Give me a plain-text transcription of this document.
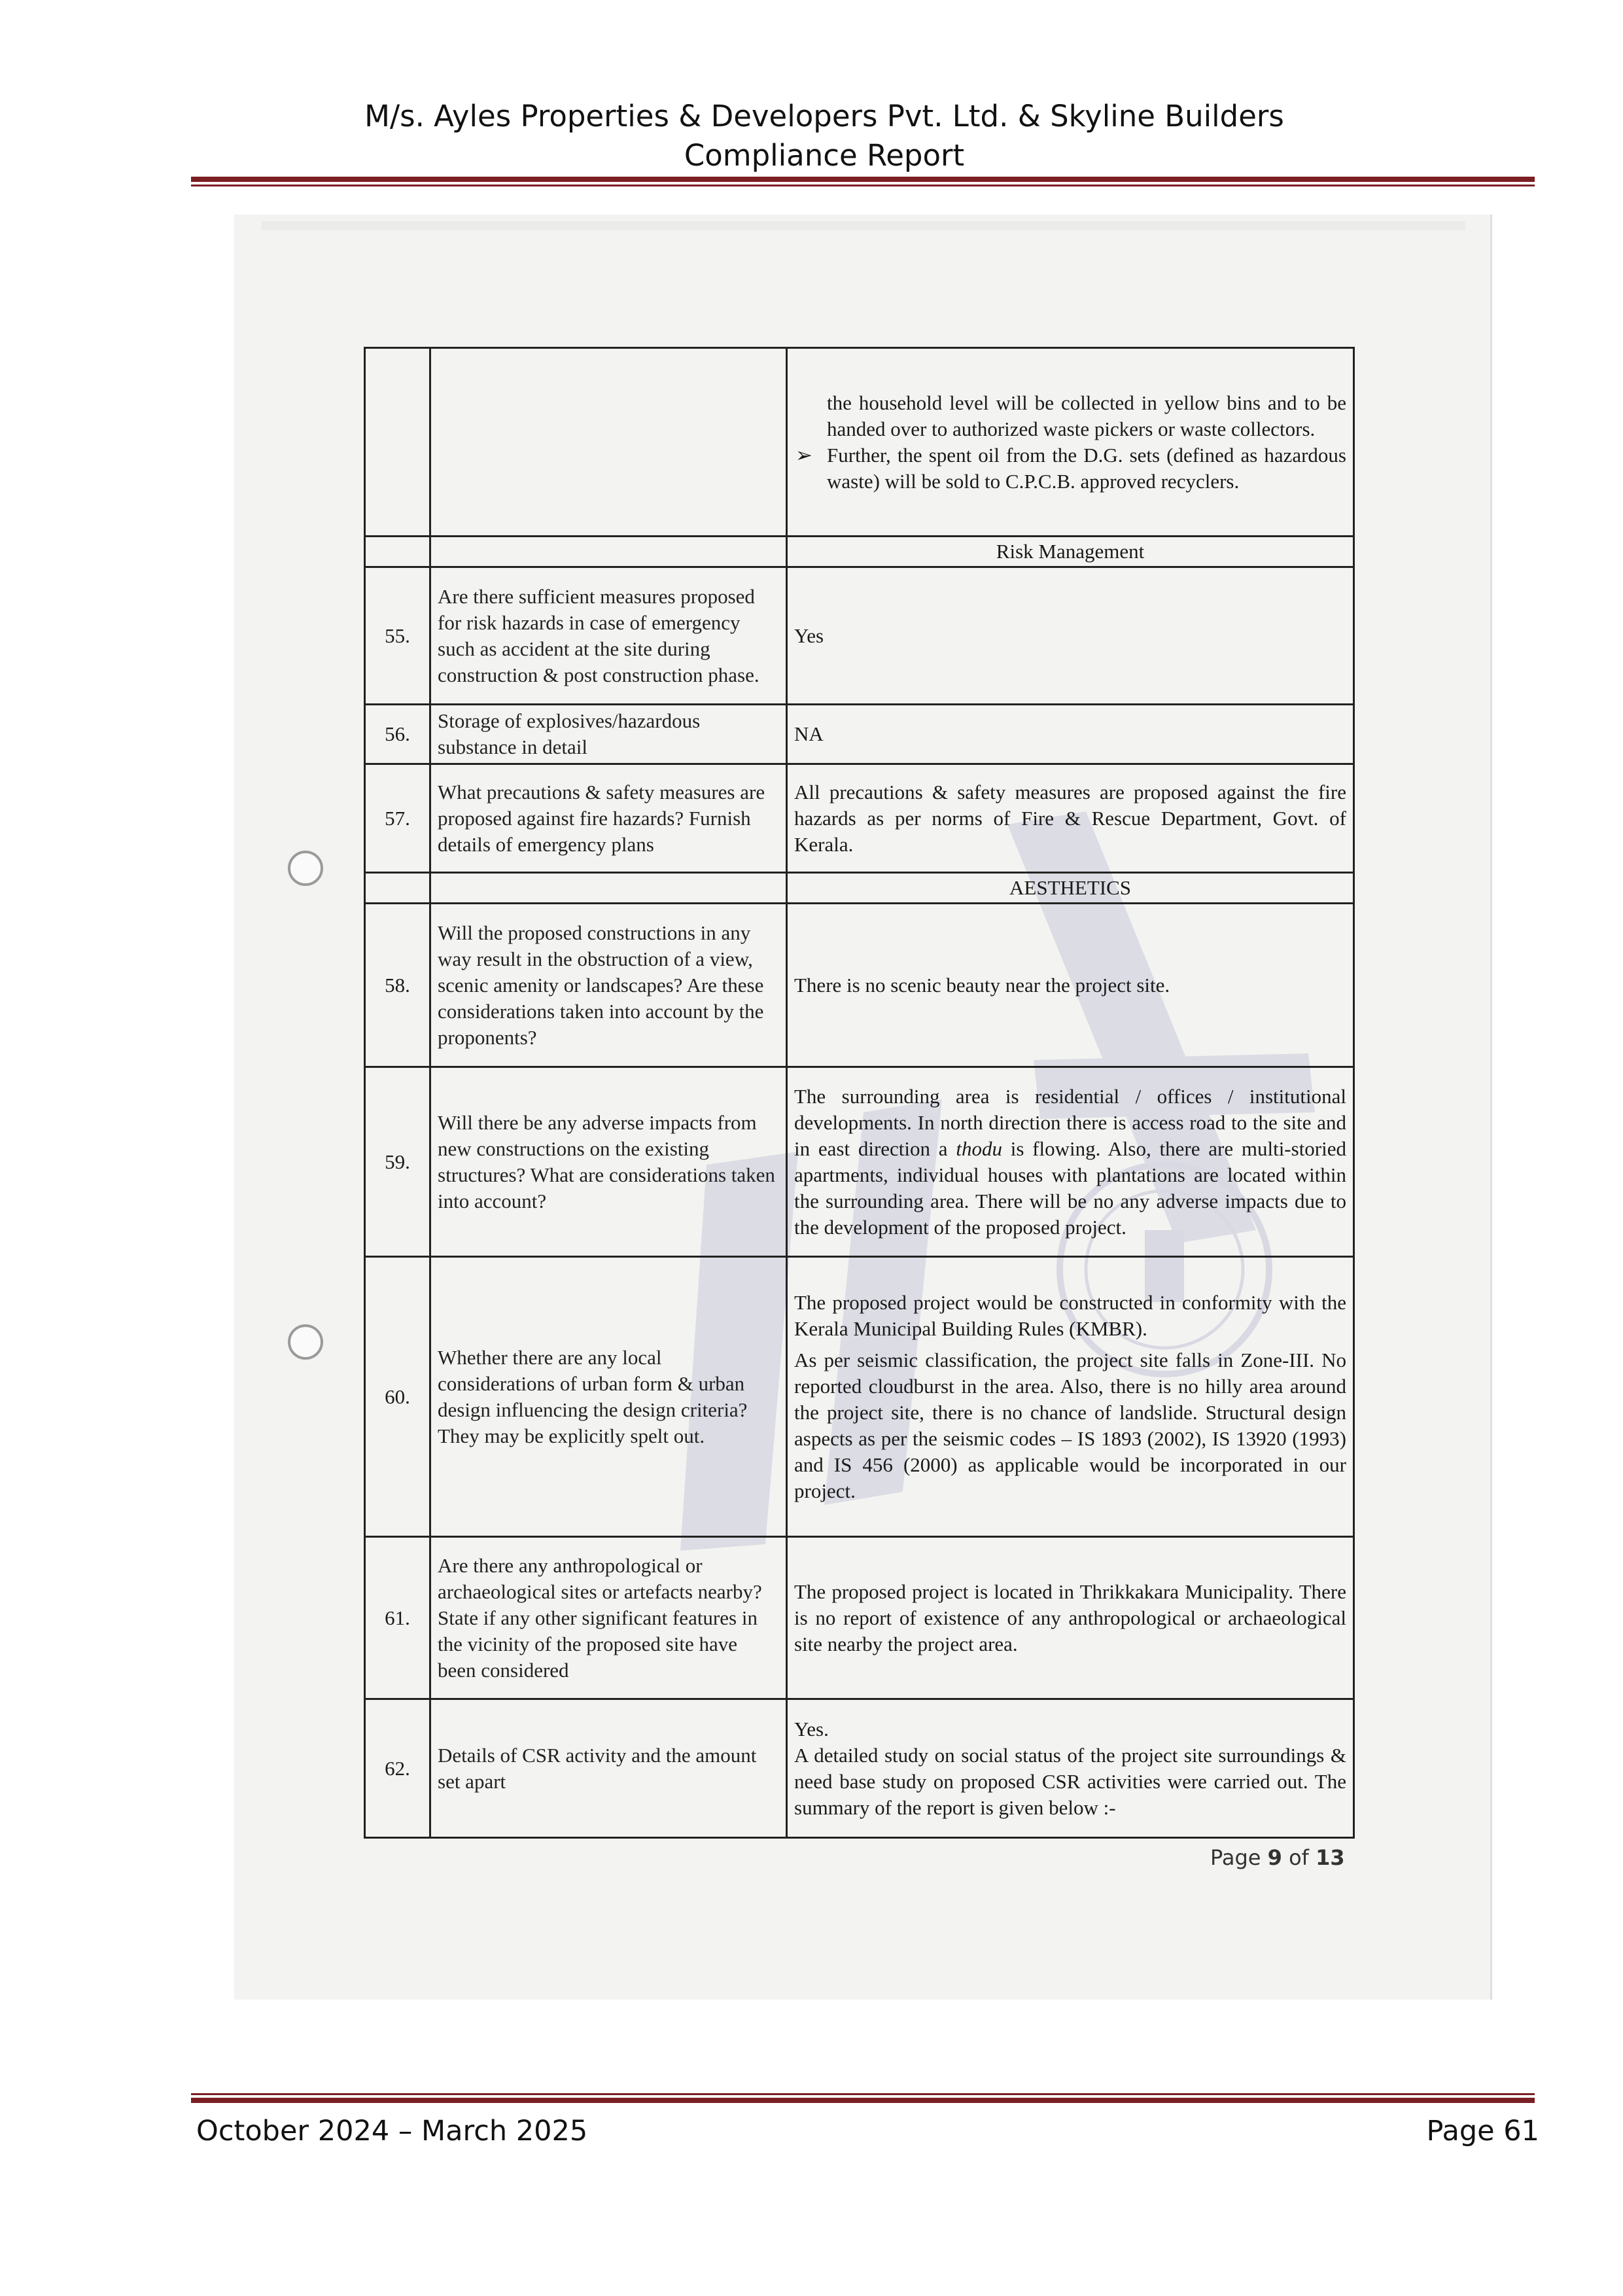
M/s. Ayles Properties & Developers Pvt. Ltd. & Skyline Builders
Compliance Report

		the household level will be collected in yellow bins and to be handed over to authorized waste pickers or waste collectors.
➢ Further, the spent oil from the D.G. sets (defined as hazardous waste) will be sold to C.P.C.B. approved recyclers.

		Risk Management
55.	Are there sufficient measures proposed for risk hazards in case of emergency such as accident at the site during construction & post construction phase.	Yes
56.	Storage of explosives/hazardous substance in detail	NA
57.	What precautions & safety measures are proposed against fire hazards? Furnish details of emergency plans	All precautions & safety measures are proposed against the fire hazards as per norms of Fire & Rescue Department, Govt. of Kerala.
		AESTHETICS
58.	Will the proposed constructions in any way result in the obstruction of a view, scenic amenity or landscapes? Are these considerations taken into account by the proponents?	There is no scenic beauty near the project site.
59.	Will there be any adverse impacts from new constructions on the existing structures? What are considerations taken into account?	The surrounding area is residential / offices / institutional developments. In north direction there is access road to the site and in east direction a thodu is flowing. Also, there are multi-storied apartments, individual houses with plantations are located within the surrounding area. There will be no any adverse impacts due to the development of the proposed project.
60.	Whether there are any local considerations of urban form & urban design influencing the design criteria? They may be explicitly spelt out.	The proposed project would be constructed in conformity with the Kerala Municipal Building Rules (KMBR).
As per seismic classification, the project site falls in Zone-III. No reported cloudburst in the area. Also, there is no hilly area around the project site, there is no chance of landslide. Structural design aspects as per the seismic codes – IS 1893 (2002), IS 13920 (1993) and IS 456 (2000) as applicable would be incorporated in our project.

61.	Are there any anthropological or archaeological sites or artefacts nearby? State if any other significant features in the vicinity of the proposed site have been considered	The proposed project is located in Thrikkakara Municipality. There is no report of existence of any anthropological or archaeological site nearby the project area.
62.	Details of CSR activity and the amount set apart	Yes.
A detailed study on social status of the project site surroundings & need base study on proposed CSR activities were carried out. The summary of the report is given below :-
Page 9 of 13
October 2024 – March 2025	Page 61
